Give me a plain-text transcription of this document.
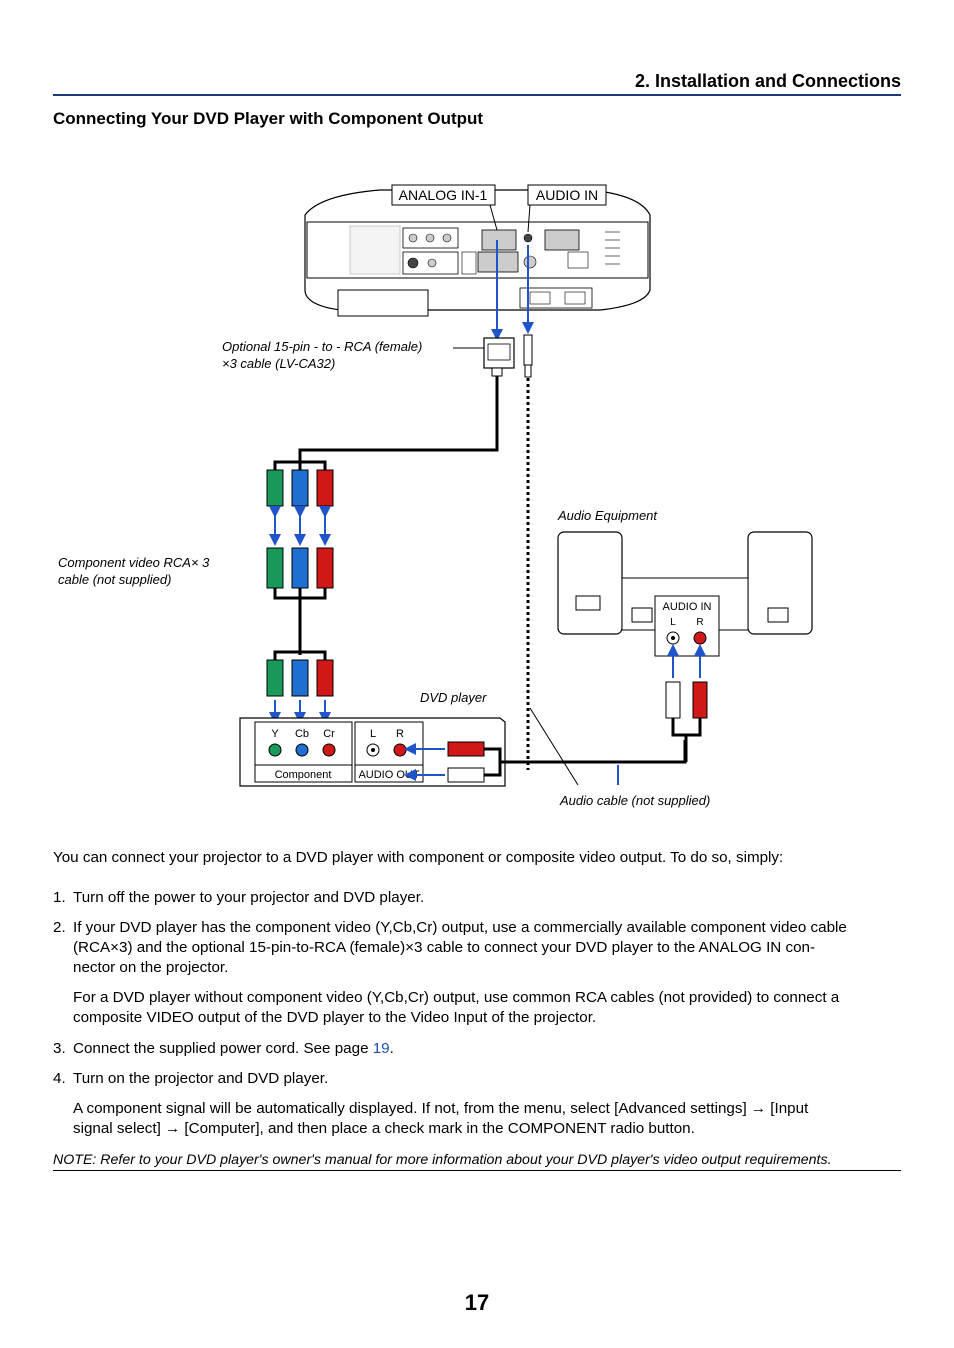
2. Installation and Connections
Connecting Your DVD Player with Component Output
ANALOG IN-1	AUDIO IN
Optional 15-pin - to - RCA (female)
×3 cable (LV-CA32)
Component video RCA× 3
cable (not supplied)
Y Cb Cr	L R
Component AUDIO OUT
DVD player
AUDIO IN
L R
Audio Equipment
Audio cable (not supplied)
You can connect your projector to a DVD player with component or composite video output. To do so, simply:
1. Turn off the power to your projector and DVD player.
2. If your DVD player has the component video (Y,Cb,Cr) output, use a commercially available component video cable
(RCA×3) and the optional 15-pin-to-RCA (female)×3 cable to connect your DVD player to the ANALOG IN con-
nector on the projector.
For a DVD player without component video (Y,Cb,Cr) output, use common RCA cables (not provided) to connect a
composite VIDEO output of the DVD player to the Video Input of the projector.
3. Connect the supplied power cord. See page 19.
4. Turn on the projector and DVD player.
A component signal will be automatically displayed. If not, from the menu, select [Advanced settings] → [Input
signal select] → [Computer], and then place a check mark in the COMPONENT radio button.
NOTE: Refer to your DVD player's owner's manual for more information about your DVD player's video output requirements.
17
